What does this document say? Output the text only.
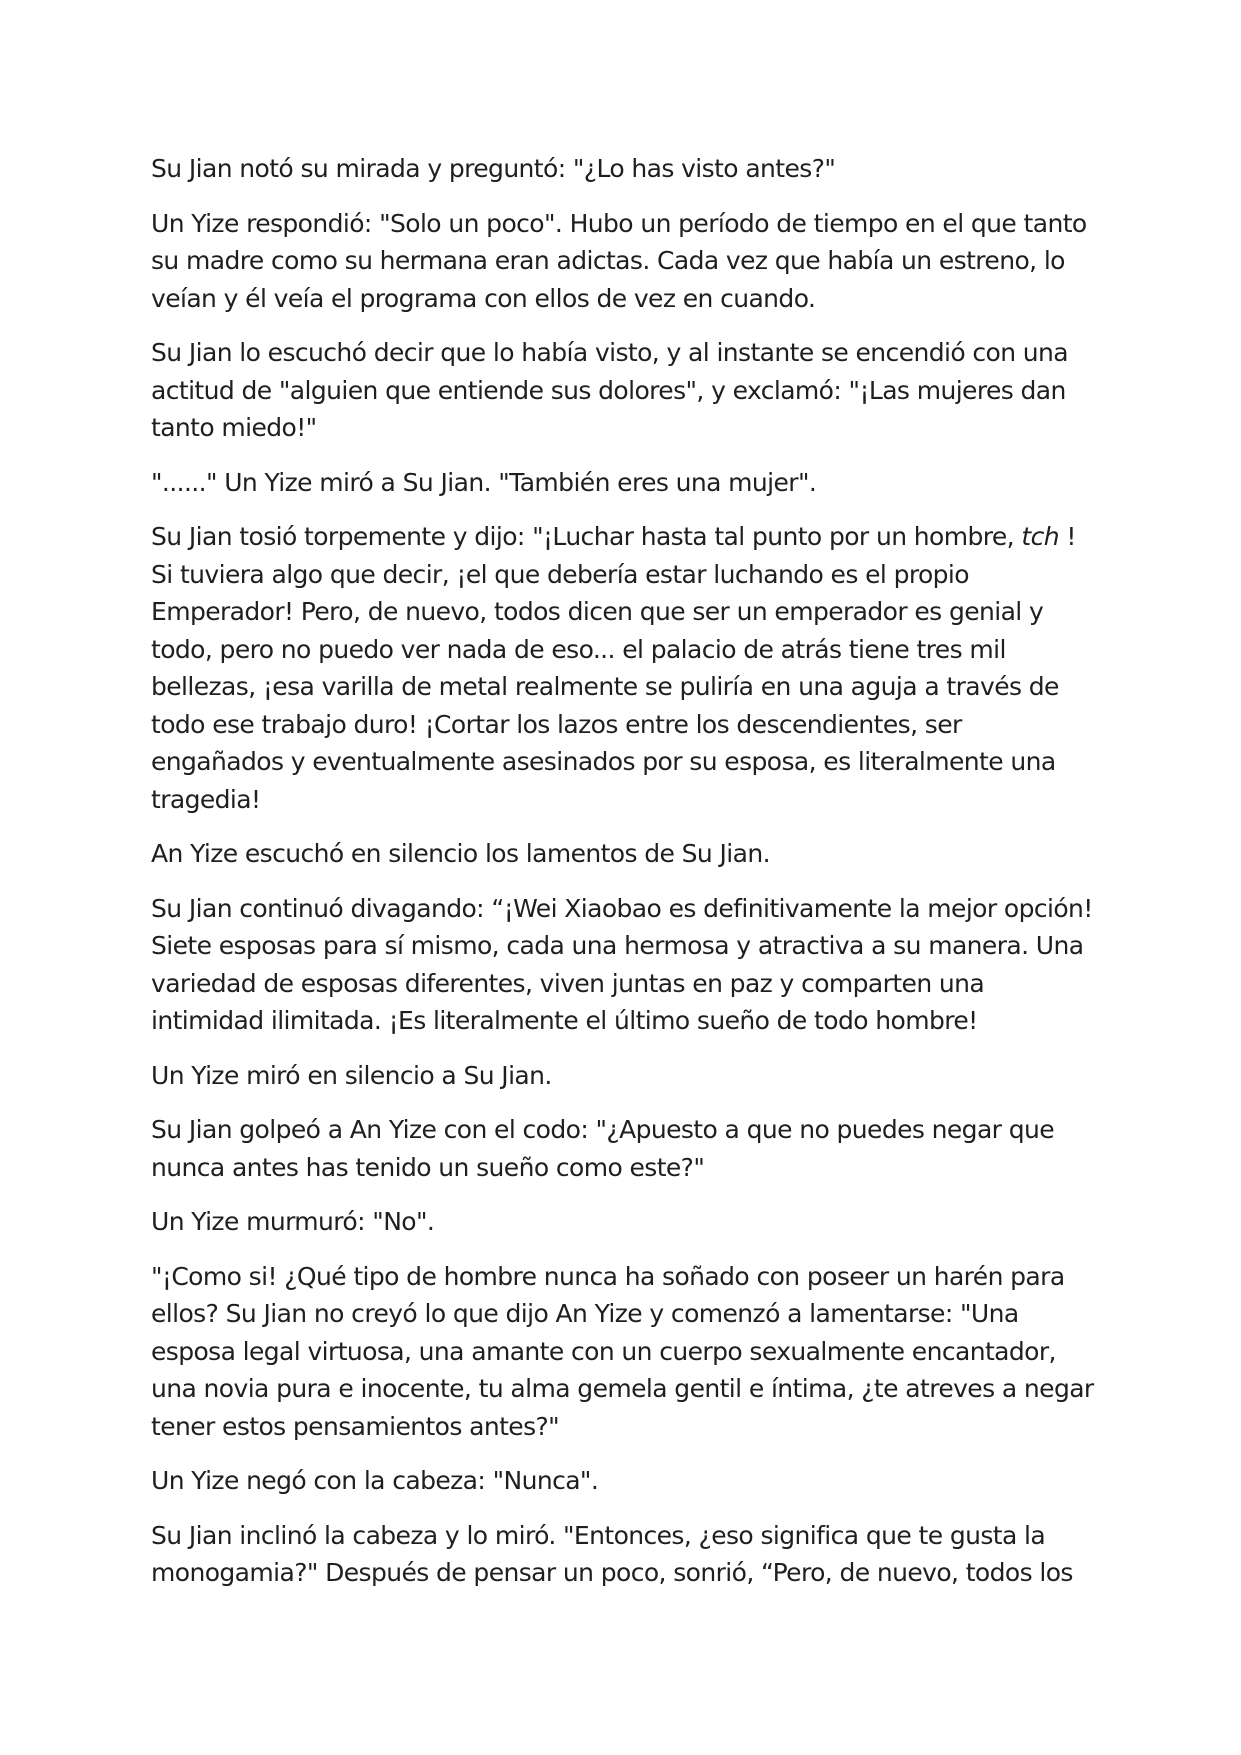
Su Jian notó su mirada y preguntó: "¿Lo has visto antes?"

Un Yize respondió: "Solo un poco". Hubo un período de tiempo en el que tanto su madre como su hermana eran adictas. Cada vez que había un estreno, lo veían y él veía el programa con ellos de vez en cuando.

Su Jian lo escuchó decir que lo había visto, y al instante se encendió con una actitud de "alguien que entiende sus dolores", y exclamó: "¡Las mujeres dan tanto miedo!"

"......" Un Yize miró a Su Jian. "También eres una mujer".

Su Jian tosió torpemente y dijo: "¡Luchar hasta tal punto por un hombre, tch ! Si tuviera algo que decir, ¡el que debería estar luchando es el propio Emperador! Pero, de nuevo, todos dicen que ser un emperador es genial y todo, pero no puedo ver nada de eso... el palacio de atrás tiene tres mil bellezas, ¡esa varilla de metal realmente se puliría en una aguja a través de todo ese trabajo duro! ¡Cortar los lazos entre los descendientes, ser engañados y eventualmente asesinados por su esposa, es literalmente una tragedia!

An Yize escuchó en silencio los lamentos de Su Jian.

Su Jian continuó divagando: “¡Wei Xiaobao es definitivamente la mejor opción! Siete esposas para sí mismo, cada una hermosa y atractiva a su manera. Una variedad de esposas diferentes, viven juntas en paz y comparten una intimidad ilimitada. ¡Es literalmente el último sueño de todo hombre!

Un Yize miró en silencio a Su Jian.

Su Jian golpeó a An Yize con el codo: "¿Apuesto a que no puedes negar que nunca antes has tenido un sueño como este?"

Un Yize murmuró: "No".

"¡Como si! ¿Qué tipo de hombre nunca ha soñado con poseer un harén para ellos? Su Jian no creyó lo que dijo An Yize y comenzó a lamentarse: "Una esposa legal virtuosa, una amante con un cuerpo sexualmente encantador, una novia pura e inocente, tu alma gemela gentil e íntima, ¿te atreves a negar tener estos pensamientos antes?"

Un Yize negó con la cabeza: "Nunca".

Su Jian inclinó la cabeza y lo miró. "Entonces, ¿eso significa que te gusta la monogamia?" Después de pensar un poco, sonrió, “Pero, de nuevo, todos los
